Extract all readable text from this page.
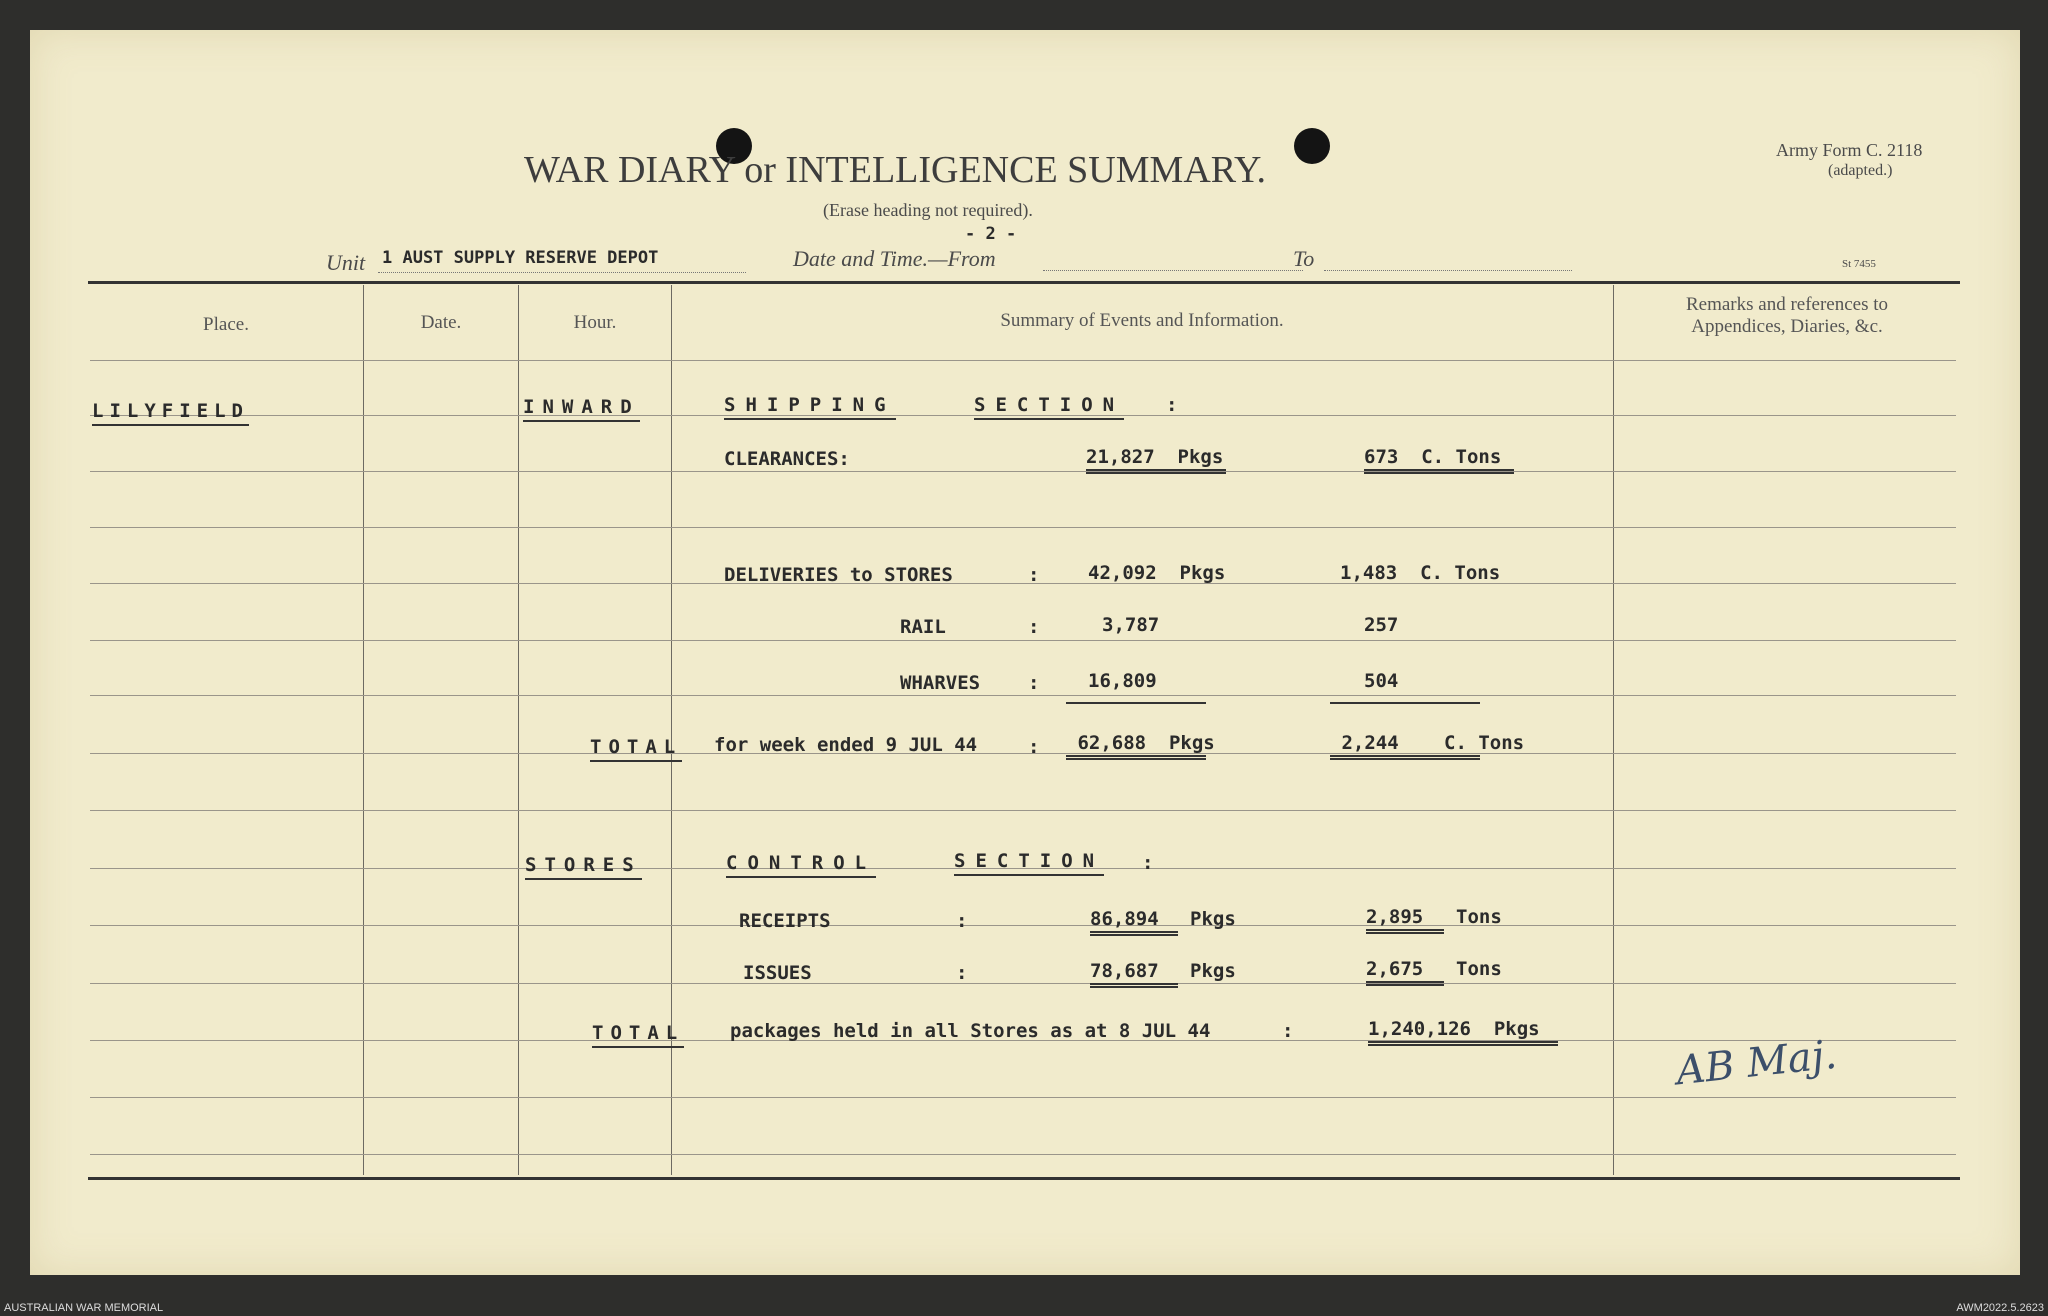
WAR DIARY or INTELLIGENCE SUMMARY.
(Erase heading not required).
- 2 -
Army Form C. 2118
(adapted.)
St 7455
Unit 1 AUST SUPPLY RESERVE DEPOT	Date and Time.—From	To
Place.	Date.	Hour.	Summary of Events and Information.
Remarks and references to
Appendices, Diaries, &c.
LILYFIELD	INWARD	SHIPPING	SECTION :
CLEARANCES:	21,827 Pkgs	673 C. Tons
DELIVERIES to STORES	:	42,092 Pkgs	1,483 C. Tons
RAIL	:	3,787	257
WHARVES	:	16,809	504
TOTAL for week ended 9 JUL 44	:	62,688 Pkgs	2,244	C. Tons
STORES	CONTROL	SECTION :
RECEIPTS	:	86,894	Pkgs	2,895	Tons
ISSUES	:	78,687	Pkgs	2,675	Tons
TOTAL packages held in all Stores as at 8 JUL 44	:	1,240,126 Pkgs
AB Maj.
AUSTRALIAN WAR MEMORIAL	AWM2022.5.2623
